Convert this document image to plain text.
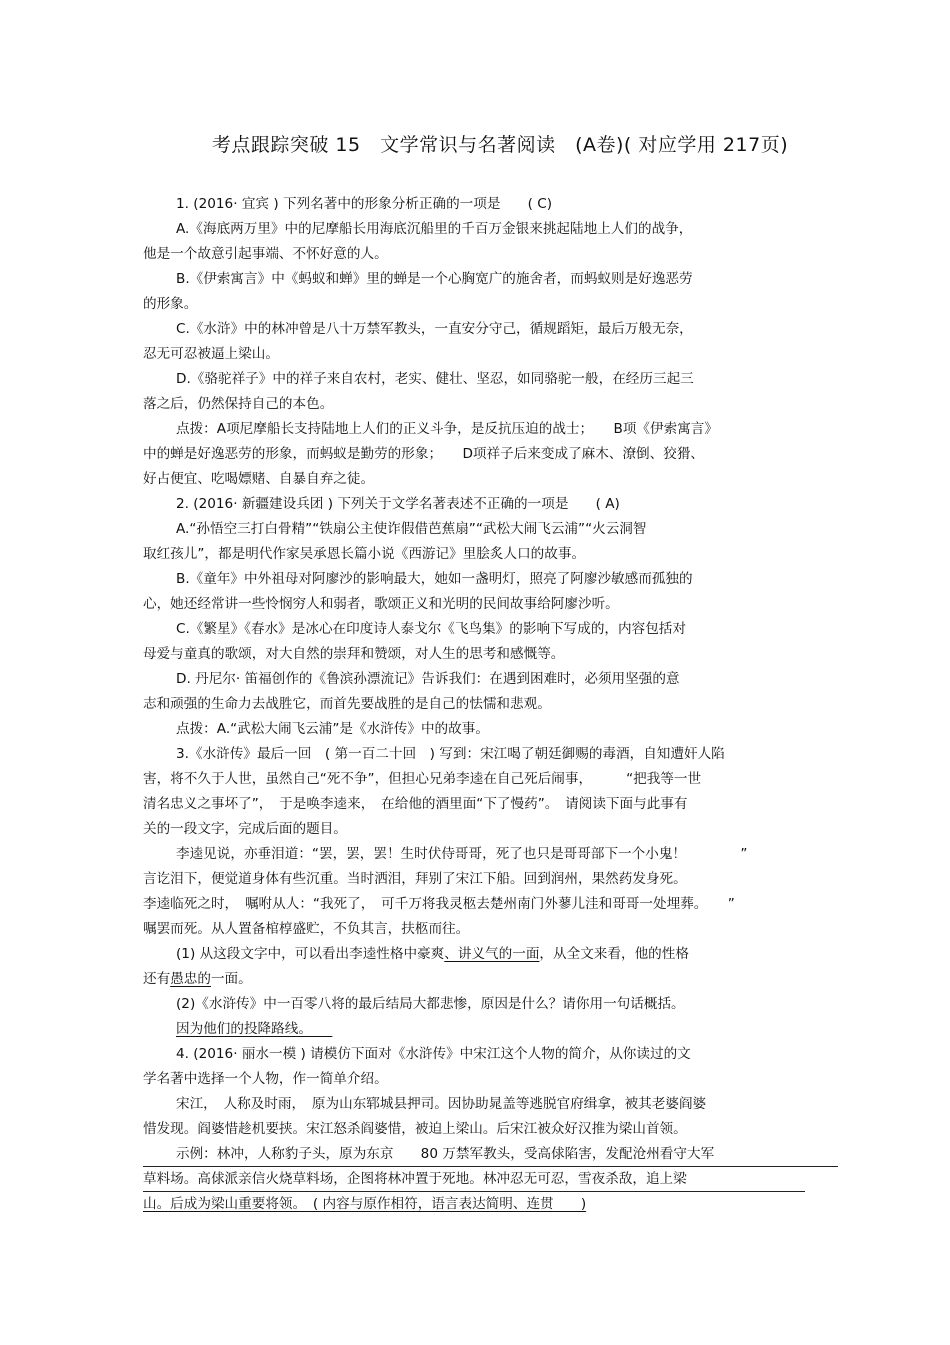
考点跟踪突破 15　文学常识与名著阅读　(A卷)( 对应学用 217页)
1. (2016· 宜宾 ) 下列名著中的形象分析正确的一项是　　( C)
A.《海底两万里》中的尼摩船长用海底沉船里的千百万金银来挑起陆地上人们的战争，
他是一个故意引起事端、不怀好意的人。
B.《伊索寓言》中《蚂蚁和蝉》里的蝉是一个心胸宽广的施舍者，而蚂蚁则是好逸恶劳
的形象。
C.《水浒》中的林冲曾是八十万禁军教头，一直安分守己，循规蹈矩，最后万般无奈，
忍无可忍被逼上梁山。
D.《骆驼祥子》中的祥子来自农村，老实、健壮、坚忍，如同骆驼一般，在经历三起三
落之后，仍然保持自己的本色。
点拨：A项尼摩船长支持陆地上人们的正义斗争，是反抗压迫的战士；　　B项《伊索寓言》
中的蝉是好逸恶劳的形象，而蚂蚁是勤劳的形象；　　D项祥子后来变成了麻木、潦倒、狡猾、
好占便宜、吃喝嫖赌、自暴自弃之徒。
2. (2016· 新疆建设兵团 ) 下列关于文学名著表述不正确的一项是　　( A)
A.“孙悟空三打白骨精”“铁扇公主使诈假借芭蕉扇”“武松大闹飞云浦”“火云洞智
取红孩儿”，都是明代作家吴承恩长篇小说《西游记》里脍炙人口的故事。
B.《童年》中外祖母对阿廖沙的影响最大，她如一盏明灯，照亮了阿廖沙敏感而孤独的
心，她还经常讲一些怜悯穷人和弱者，歌颂正义和光明的民间故事给阿廖沙听。
C.《繁星》《春水》是冰心在印度诗人泰戈尔《飞鸟集》的影响下写成的，内容包括对
母爱与童真的歌颂，对大自然的崇拜和赞颂，对人生的思考和感慨等。
D. 丹尼尔· 笛福创作的《鲁滨孙漂流记》告诉我们：在遇到困难时，必须用坚强的意
志和顽强的生命力去战胜它，而首先要战胜的是自己的怯懦和悲观。
点拨：A.“武松大闹飞云浦”是《水浒传》中的故事。
3.《水浒传》最后一回　( 第一百二十回　) 写到：宋江喝了朝廷御赐的毒酒，自知遭奸人陷
害，将不久于人世，虽然自己“死不争”，但担心兄弟李逵在自己死后闹事，　　　“把我等一世
清名忠义之事坏了”，　于是唤李逵来，　在给他的酒里面“下了慢药”。　请阅读下面与此事有
关的一段文字，完成后面的题目。
李逵见说，亦垂泪道：“罢，罢，罢！生时伏侍哥哥，死了也只是哥哥部下一个小鬼！　　　　”
言讫泪下，便觉道身体有些沉重。当时洒泪，拜别了宋江下船。回到润州，果然药发身死。
李逵临死之时，　嘱咐从人：“我死了，　可千万将我灵柩去楚州南门外蓼儿洼和哥哥一处埋葬。　　”
嘱罢而死。从人置备棺椁盛贮，不负其言，扶柩而往。
(1) 从这段文字中，可以看出李逵性格中豪爽、讲义气的一面，从全文来看，他的性格
还有愚忠的一面。
(2)《水浒传》中一百零八将的最后结局大都悲惨，原因是什么？请你用一句话概括。
因为他们的投降路线。　　
4. (2016· 丽水一模 ) 请模仿下面对《水浒传》中宋江这个人物的简介，从你读过的文
学名著中选择一个人物，作一简单介绍。
宋江，　人称及时雨，　原为山东郓城县押司。因协助晁盖等逃脱官府缉拿，被其老婆阎婆
惜发现。阎婆惜趁机要挟。宋江怒杀阎婆惜，被迫上梁山。后宋江被众好汉推为梁山首领。
示例：林冲，人称豹子头，原为东京　　80 万禁军教头，受高俅陷害，发配沧州看守大军
草料场。高俅派亲信火烧草料场，企图将林冲置于死地。林冲忍无可忍，雪夜杀敌，追上梁
山。后成为梁山重要将领。　( 内容与原作相符，语言表达简明、连贯　　)
